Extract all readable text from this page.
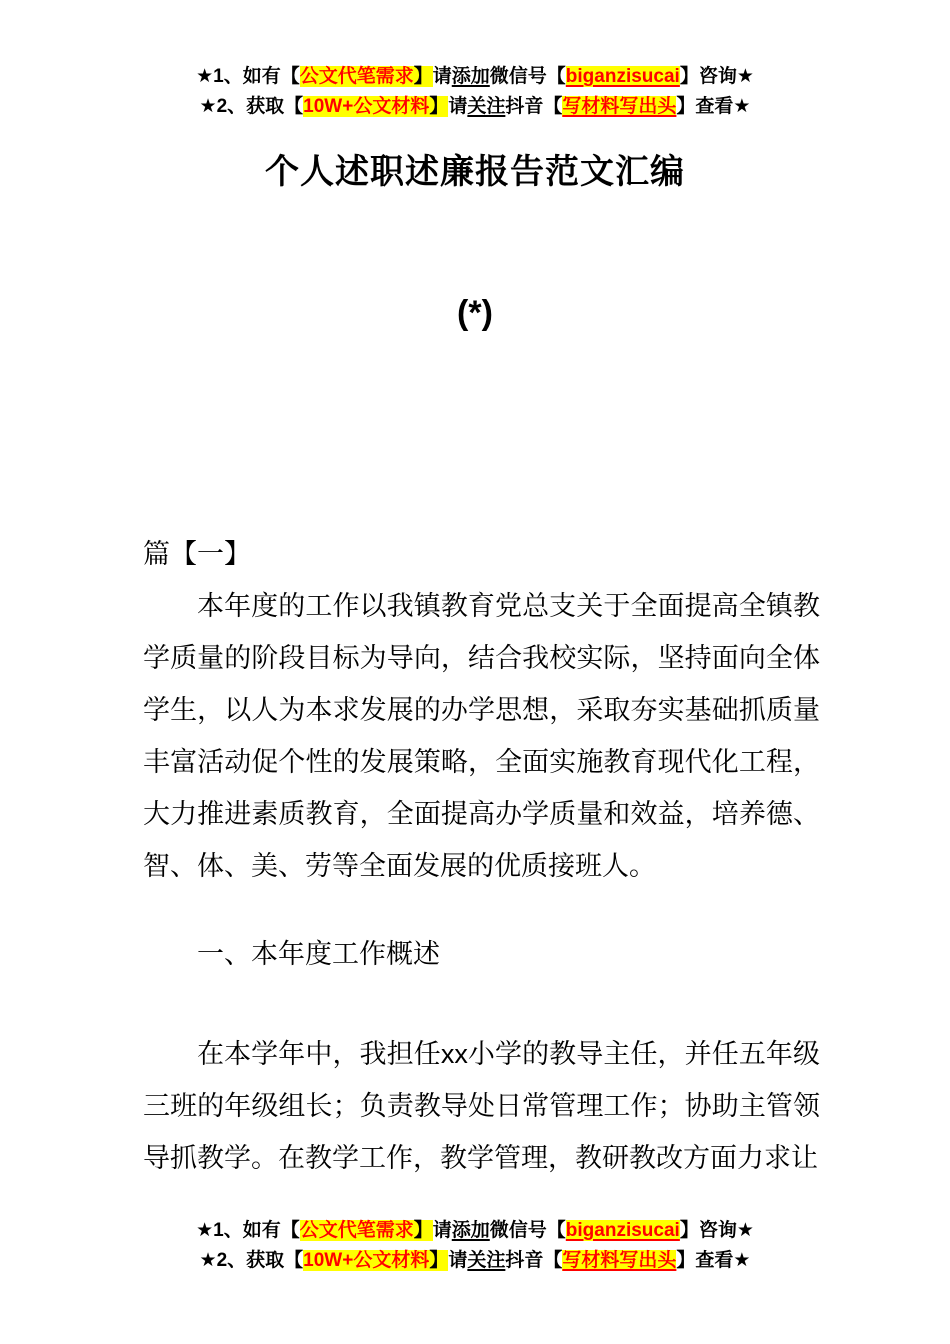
★1、如有【公文代笔需求】请添加微信号【biganzisucai】咨询★
★2、获取【10W+公文材料】请关注抖音【写材料写出头】查看★
个人述职述廉报告范文汇编
(*)

篇【一】

本年度的工作以我镇教育党总支关于全面提高全镇教学质量的阶段目标为导向，结合我校实际，坚持面向全体学生，以人为本求发展的办学思想，采取夯实基础抓质量丰富活动促个性的发展策略，全面实施教育现代化工程，大力推进素质教育，全面提高办学质量和效益，培养德、智、体、美、劳等全面发展的优质接班人。

一、本年度工作概述

在本学年中，我担任xx小学的教导主任，并任五年级三班的年级组长；负责教导处日常管理工作；协助主管领导抓教学。在教学工作，教学管理，教研教改方面力求让

★1、如有【公文代笔需求】请添加微信号【biganzisucai】咨询★
★2、获取【10W+公文材料】请关注抖音【写材料写出头】查看★
